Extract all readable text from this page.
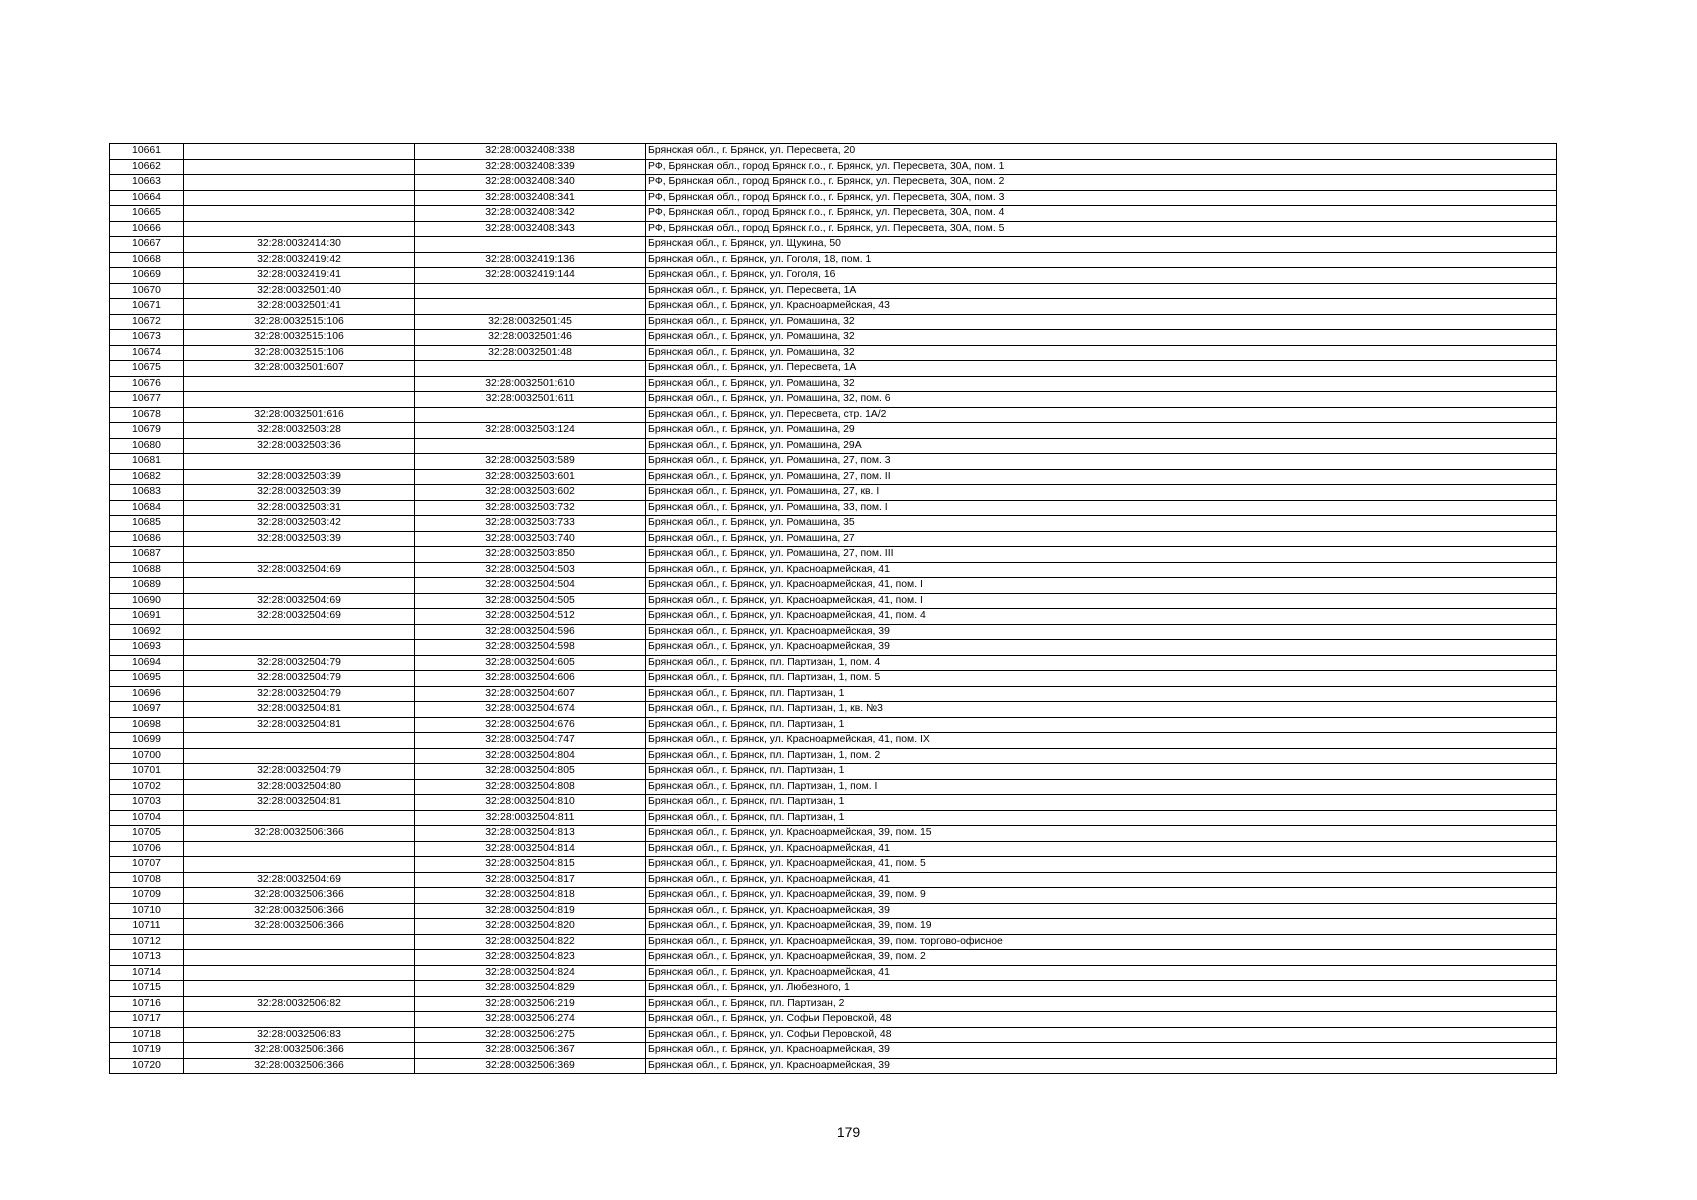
10661		32:28:0032408:338	Брянская обл., г. Брянск, ул. Пересвета, 20
10662		32:28:0032408:339	РФ, Брянская обл., город Брянск г.о., г. Брянск, ул. Пересвета, 30А, пом. 1
10663		32:28:0032408:340	РФ, Брянская обл., город Брянск г.о., г. Брянск, ул. Пересвета, 30А, пом. 2
10664		32:28:0032408:341	РФ, Брянская обл., город Брянск г.о., г. Брянск, ул. Пересвета, 30А, пом. 3
10665		32:28:0032408:342	РФ, Брянская обл., город Брянск г.о., г. Брянск, ул. Пересвета, 30А, пом. 4
10666		32:28:0032408:343	РФ, Брянская обл., город Брянск г.о., г. Брянск, ул. Пересвета, 30А, пом. 5
10667	32:28:0032414:30		Брянская обл., г. Брянск, ул. Щукина, 50
10668	32:28:0032419:42	32:28:0032419:136	Брянская обл., г. Брянск, ул. Гоголя, 18, пом. 1
10669	32:28:0032419:41	32:28:0032419:144	Брянская обл., г. Брянск, ул. Гоголя, 16
10670	32:28:0032501:40		Брянская обл., г. Брянск, ул. Пересвета, 1А
10671	32:28:0032501:41		Брянская обл., г. Брянск, ул. Красноармейская, 43
10672	32:28:0032515:106	32:28:0032501:45	Брянская обл., г. Брянск, ул. Ромашина, 32
10673	32:28:0032515:106	32:28:0032501:46	Брянская обл., г. Брянск, ул. Ромашина, 32
10674	32:28:0032515:106	32:28:0032501:48	Брянская обл., г. Брянск, ул. Ромашина, 32
10675	32:28:0032501:607		Брянская обл., г. Брянск, ул. Пересвета, 1А
10676		32:28:0032501:610	Брянская обл., г. Брянск, ул. Ромашина, 32
10677		32:28:0032501:611	Брянская обл., г. Брянск, ул. Ромашина, 32, пом. 6
10678	32:28:0032501:616		Брянская обл., г. Брянск, ул. Пересвета, стр. 1А/2
10679	32:28:0032503:28	32:28:0032503:124	Брянская обл., г. Брянск, ул. Ромашина, 29
10680	32:28:0032503:36		Брянская обл., г. Брянск, ул. Ромашина, 29А
10681		32:28:0032503:589	Брянская обл., г. Брянск, ул. Ромашина, 27, пом. 3
10682	32:28:0032503:39	32:28:0032503:601	Брянская обл., г. Брянск, ул. Ромашина, 27, пом. II
10683	32:28:0032503:39	32:28:0032503:602	Брянская обл., г. Брянск, ул. Ромашина, 27, кв. I
10684	32:28:0032503:31	32:28:0032503:732	Брянская обл., г. Брянск, ул. Ромашина, 33, пом. I
10685	32:28:0032503:42	32:28:0032503:733	Брянская обл., г. Брянск, ул. Ромашина, 35
10686	32:28:0032503:39	32:28:0032503:740	Брянская обл., г. Брянск, ул. Ромашина, 27
10687		32:28:0032503:850	Брянская обл., г. Брянск, ул. Ромашина, 27, пом. III
10688	32:28:0032504:69	32:28:0032504:503	Брянская обл., г. Брянск, ул. Красноармейская, 41
10689		32:28:0032504:504	Брянская обл., г. Брянск, ул. Красноармейская, 41, пом. I
10690	32:28:0032504:69	32:28:0032504:505	Брянская обл., г. Брянск, ул. Красноармейская, 41, пом. I
10691	32:28:0032504:69	32:28:0032504:512	Брянская обл., г. Брянск, ул. Красноармейская, 41, пом. 4
10692		32:28:0032504:596	Брянская обл., г. Брянск, ул. Красноармейская, 39
10693		32:28:0032504:598	Брянская обл., г. Брянск, ул. Красноармейская, 39
10694	32:28:0032504:79	32:28:0032504:605	Брянская обл., г. Брянск, пл. Партизан, 1, пом. 4
10695	32:28:0032504:79	32:28:0032504:606	Брянская обл., г. Брянск, пл. Партизан, 1, пом. 5
10696	32:28:0032504:79	32:28:0032504:607	Брянская обл., г. Брянск, пл. Партизан, 1
10697	32:28:0032504:81	32:28:0032504:674	Брянская обл., г. Брянск, пл. Партизан, 1, кв. №3
10698	32:28:0032504:81	32:28:0032504:676	Брянская обл., г. Брянск, пл. Партизан, 1
10699		32:28:0032504:747	Брянская обл., г. Брянск, ул. Красноармейская, 41, пом. IX
10700		32:28:0032504:804	Брянская обл., г. Брянск, пл. Партизан, 1, пом. 2
10701	32:28:0032504:79	32:28:0032504:805	Брянская обл., г. Брянск, пл. Партизан, 1
10702	32:28:0032504:80	32:28:0032504:808	Брянская обл., г. Брянск, пл. Партизан, 1, пом. I
10703	32:28:0032504:81	32:28:0032504:810	Брянская обл., г. Брянск, пл. Партизан, 1
10704		32:28:0032504:811	Брянская обл., г. Брянск, пл. Партизан, 1
10705	32:28:0032506:366	32:28:0032504:813	Брянская обл., г. Брянск, ул. Красноармейская, 39, пом. 15
10706		32:28:0032504:814	Брянская обл., г. Брянск, ул. Красноармейская, 41
10707		32:28:0032504:815	Брянская обл., г. Брянск, ул. Красноармейская, 41, пом. 5
10708	32:28:0032504:69	32:28:0032504:817	Брянская обл., г. Брянск, ул. Красноармейская, 41
10709	32:28:0032506:366	32:28:0032504:818	Брянская обл., г. Брянск, ул. Красноармейская, 39, пом. 9
10710	32:28:0032506:366	32:28:0032504:819	Брянская обл., г. Брянск, ул. Красноармейская, 39
10711	32:28:0032506:366	32:28:0032504:820	Брянская обл., г. Брянск, ул. Красноармейская, 39, пом. 19
10712		32:28:0032504:822	Брянская обл., г. Брянск, ул. Красноармейская, 39, пом. торгово-офисное
10713		32:28:0032504:823	Брянская обл., г. Брянск, ул. Красноармейская, 39, пом. 2
10714		32:28:0032504:824	Брянская обл., г. Брянск, ул. Красноармейская, 41
10715		32:28:0032504:829	Брянская обл., г. Брянск, ул. Любезного, 1
10716	32:28:0032506:82	32:28:0032506:219	Брянская обл., г. Брянск, пл. Партизан, 2
10717		32:28:0032506:274	Брянская обл., г. Брянск, ул. Софьи Перовской, 48
10718	32:28:0032506:83	32:28:0032506:275	Брянская обл., г. Брянск, ул. Софьи Перовской, 48
10719	32:28:0032506:366	32:28:0032506:367	Брянская обл., г. Брянск, ул. Красноармейская, 39
10720	32:28:0032506:366	32:28:0032506:369	Брянская обл., г. Брянск, ул. Красноармейская, 39
179
